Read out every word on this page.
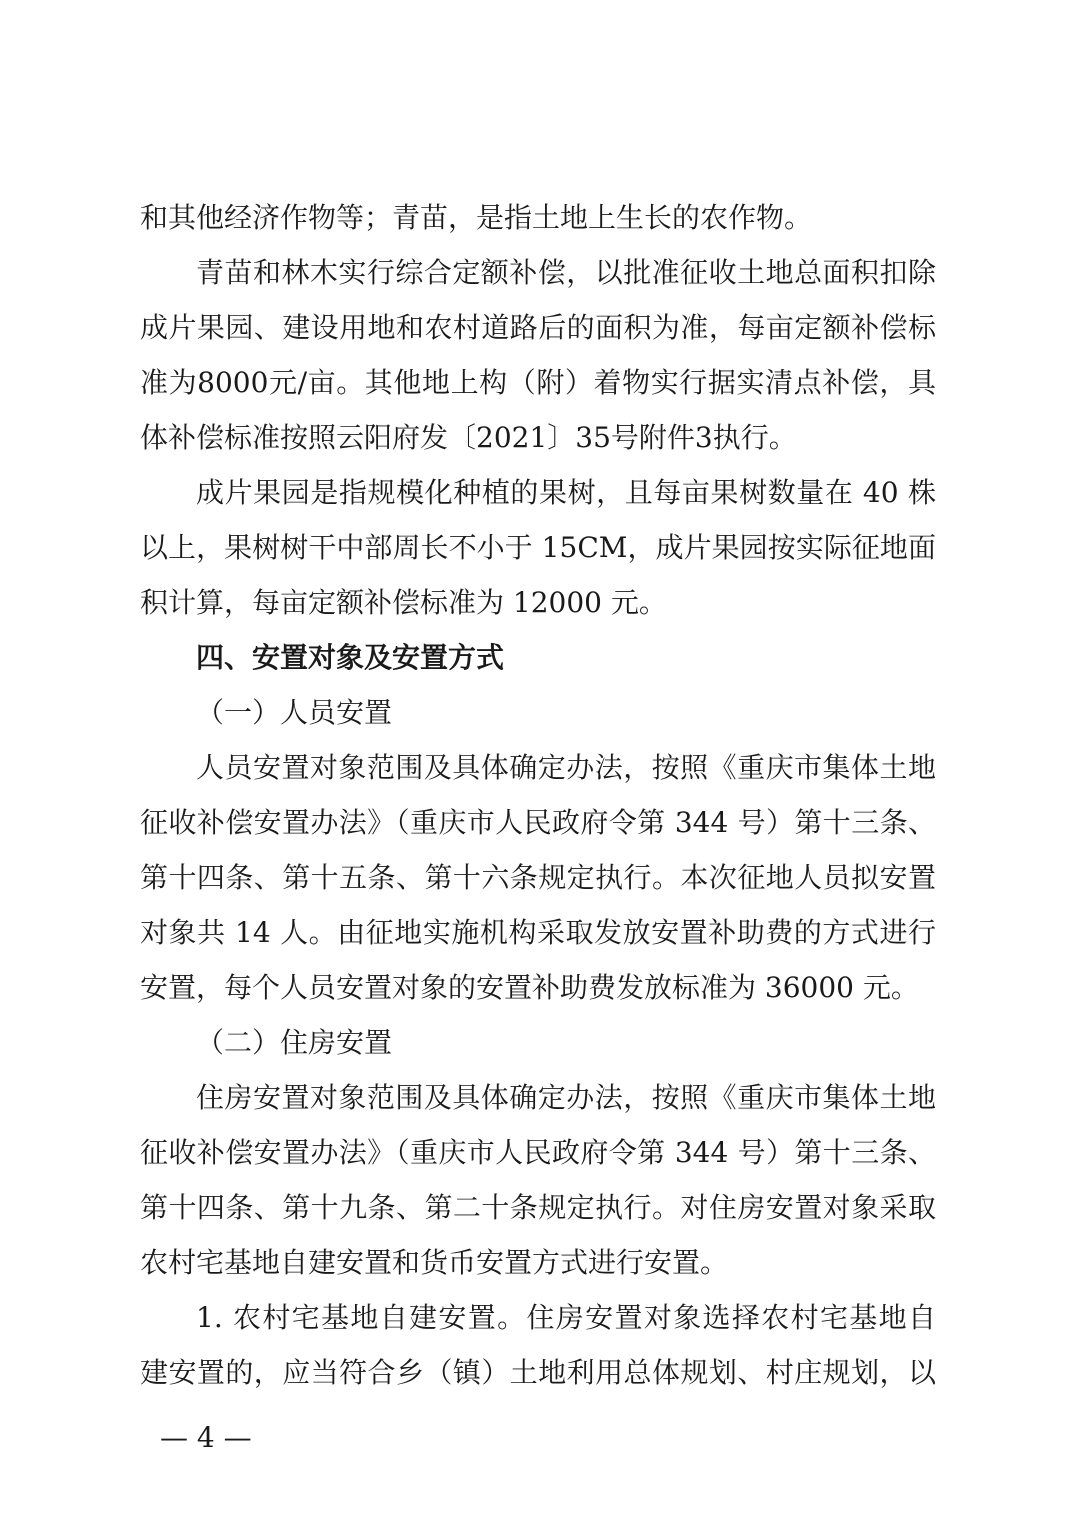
和其他经济作物等；青苗，是指土地上生长的农作物。
青苗和林木实行综合定额补偿，以批准征收土地总面积扣除
成片果园、建设用地和农村道路后的面积为准，每亩定额补偿标
准为8000元/亩。其他地上构（附）着物实行据实清点补偿，具
体补偿标准按照云阳府发〔2021〕35号附件3执行。
成片果园是指规模化种植的果树，且每亩果树数量在 40 株
以上，果树树干中部周长不小于 15CM，成片果园按实际征地面
积计算，每亩定额补偿标准为 12000 元。
四、安置对象及安置方式
（一）人员安置
人员安置对象范围及具体确定办法，按照《重庆市集体土地
征收补偿安置办法》（重庆市人民政府令第 344 号）第十三条、
第十四条、第十五条、第十六条规定执行。本次征地人员拟安置
对象共 14 人。由征地实施机构采取发放安置补助费的方式进行
安置，每个人员安置对象的安置补助费发放标准为 36000 元。
（二）住房安置
住房安置对象范围及具体确定办法，按照《重庆市集体土地
征收补偿安置办法》（重庆市人民政府令第 344 号）第十三条、
第十四条、第十九条、第二十条规定执行。对住房安置对象采取
农村宅基地自建安置和货币安置方式进行安置。
1. 农村宅基地自建安置。住房安置对象选择农村宅基地自
建安置的，应当符合乡（镇）土地利用总体规划、村庄规划，以
— 4 —
